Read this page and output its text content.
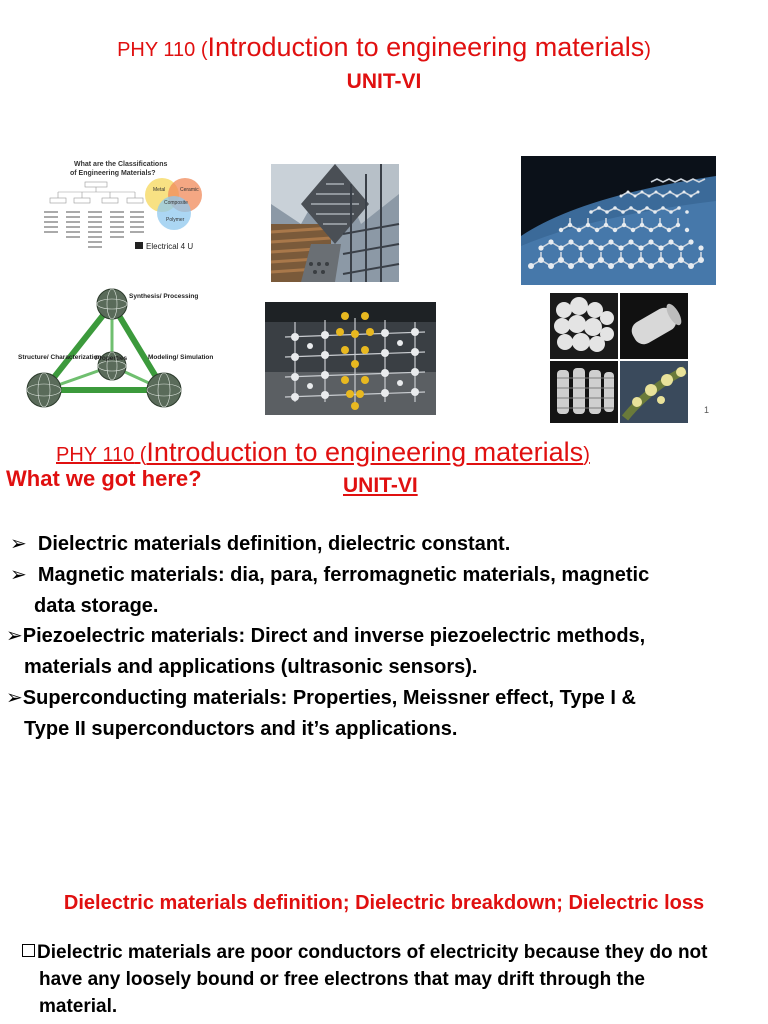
PHY 110 (Introduction to engineering materials)
UNIT-VI
What are the Classifications
of Engineering Materials?
Metal	Ceramic
Composite
Polymer
Electrical 4 U
Synthesis/ Processing
Structure/ Characterization
Properties	Modeling/ Simulation
1
PHY 110 (Introduction to engineering materials)
What we got here?	UNIT-VI
➢ Dielectric materials definition, dielectric constant.
➢ Magnetic materials: dia, para, ferromagnetic materials, magnetic
data storage.
➢Piezoelectric materials: Direct and inverse piezoelectric methods,
materials and applications (ultrasonic sensors).
➢Superconducting materials: Properties, Meissner effect, Type I &
Type II superconductors and it’s applications.
Dielectric materials definition; Dielectric breakdown; Dielectric loss
Dielectric materials are poor conductors of electricity because they do not
have any loosely bound or free electrons that may drift through the
material.
